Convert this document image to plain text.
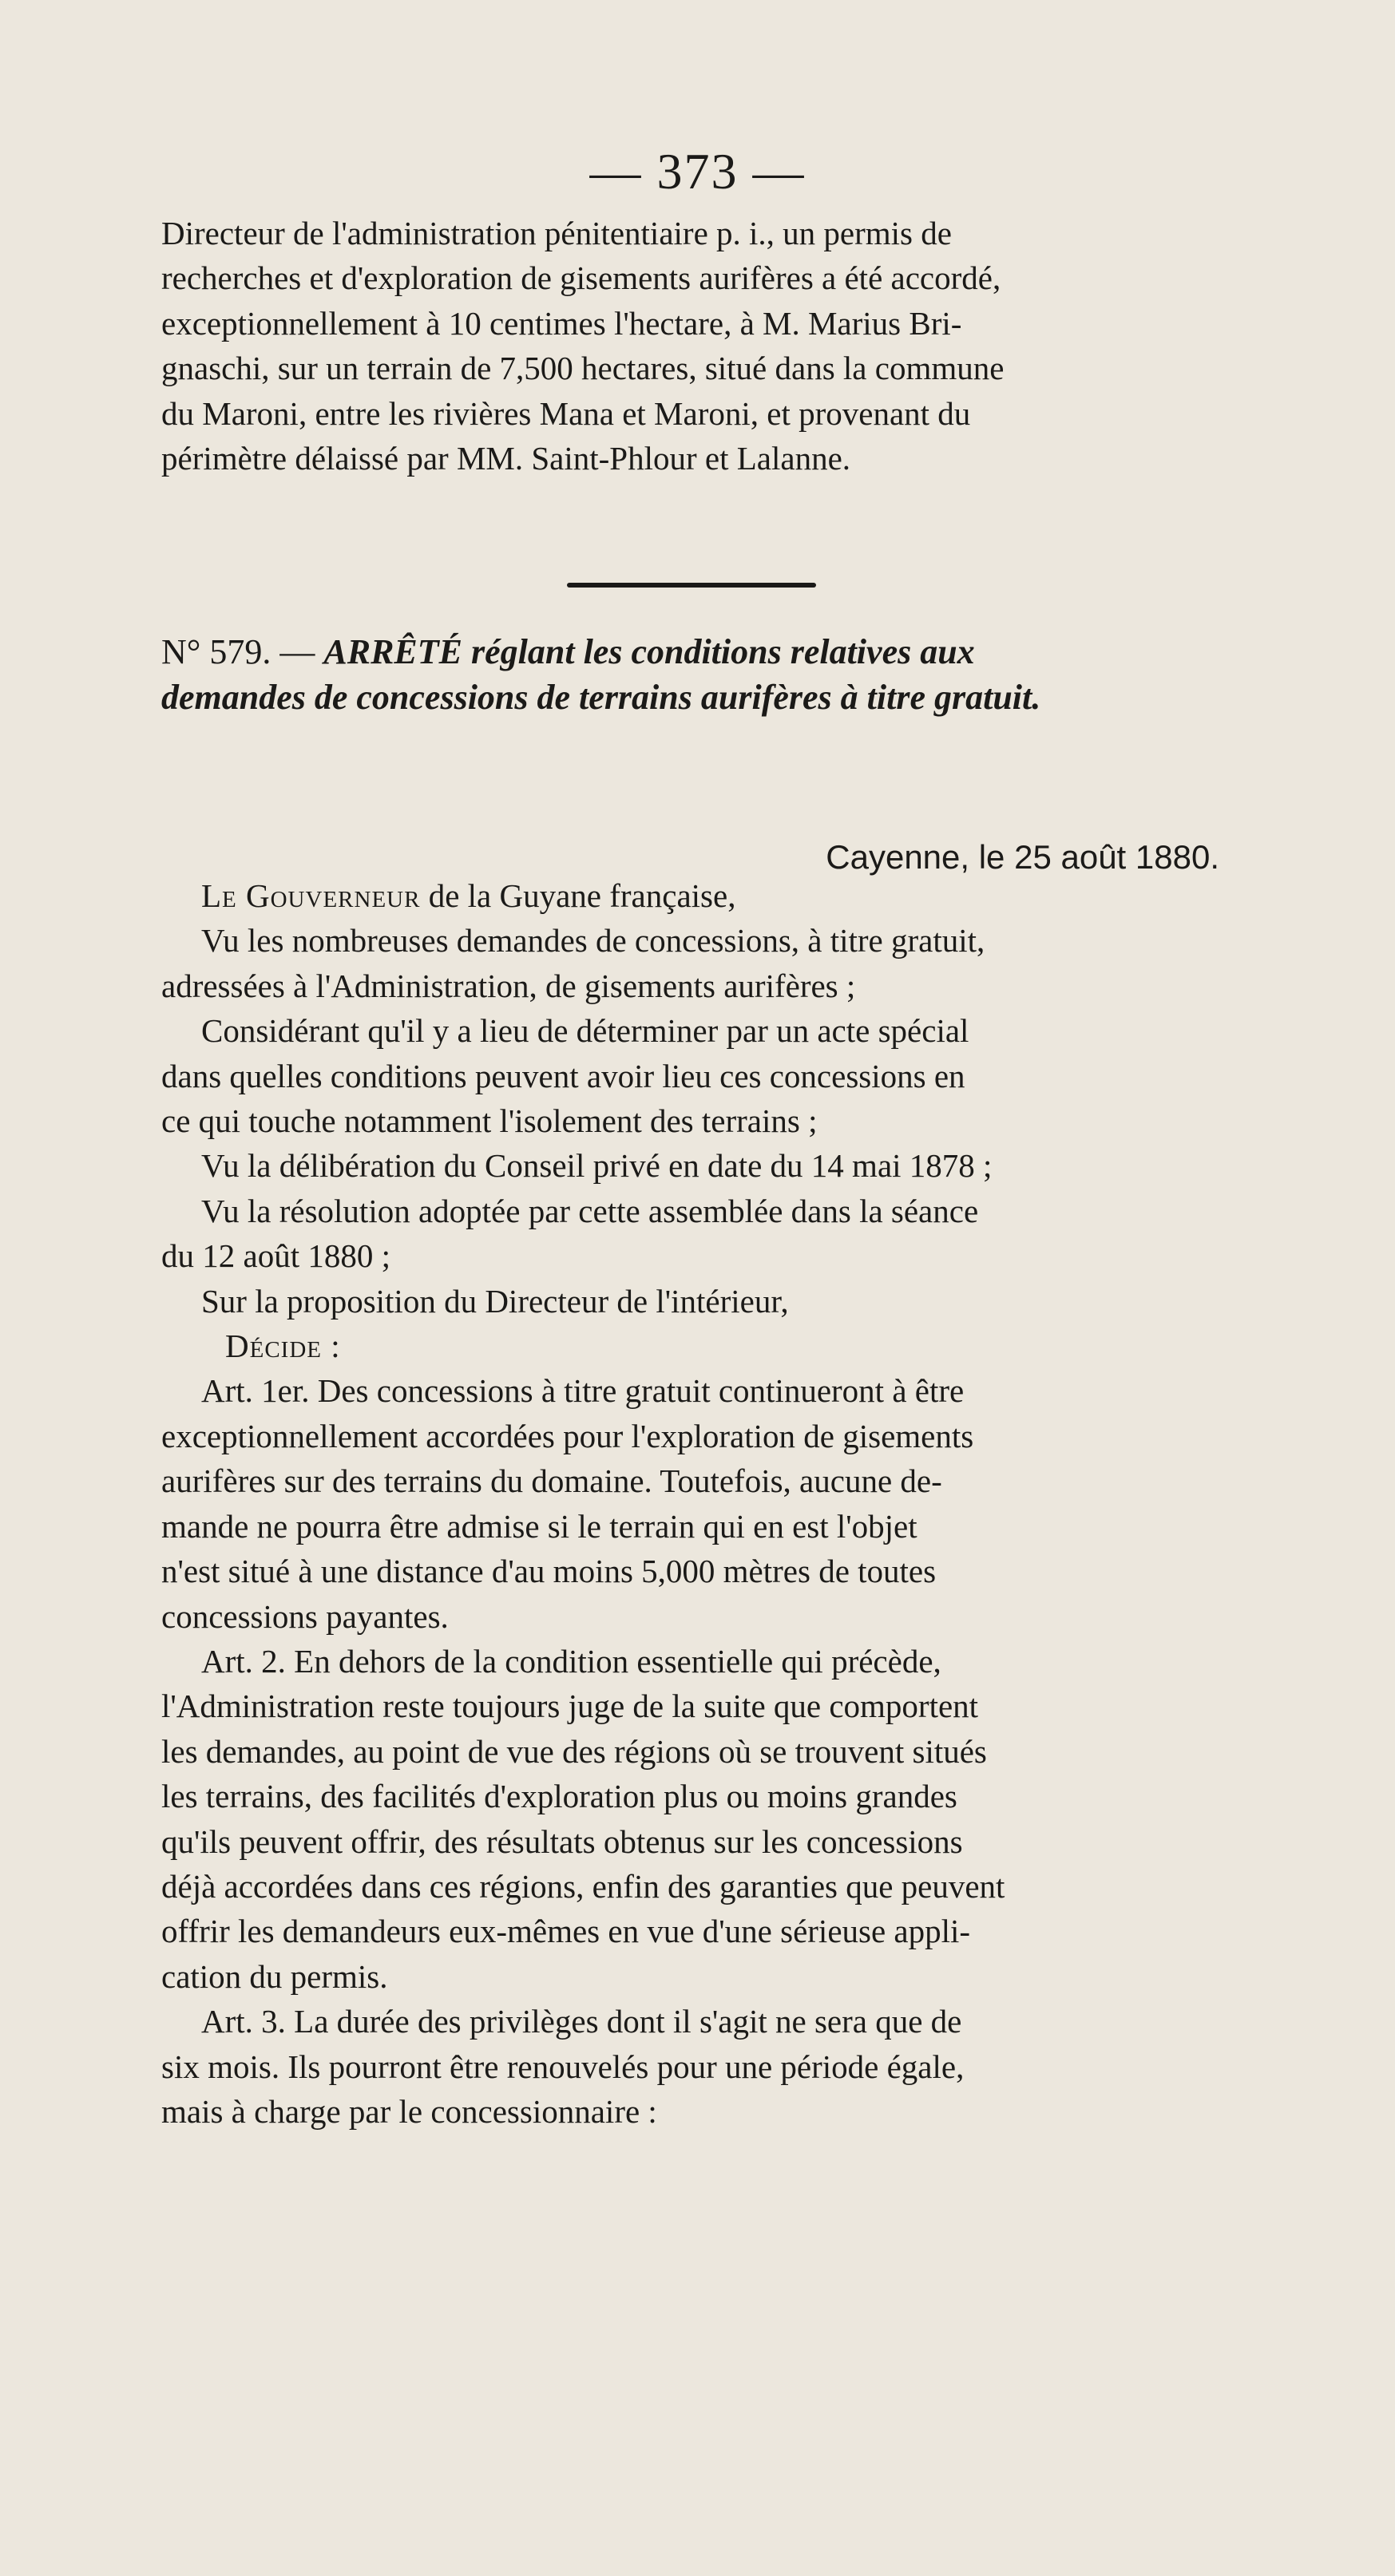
— 373 —
Directeur de l'administration pénitentiaire p. i., un permis de
recherches et d'exploration de gisements aurifères a été accordé,
exceptionnellement à 10 centimes l'hectare, à M. Marius Bri-
gnaschi, sur un terrain de 7,500 hectares, situé dans la commune
du Maroni, entre les rivières Mana et Maroni, et provenant du
périmètre délaissé par MM. Saint-Phlour et Lalanne.
N° 579. — ARRÊTÉ réglant les conditions relatives aux
demandes de concessions de terrains aurifères à titre gratuit.
Cayenne, le 25 août 1880.
Le Gouverneur de la Guyane française,
Vu les nombreuses demandes de concessions, à titre gratuit,
adressées à l'Administration, de gisements aurifères ;
Considérant qu'il y a lieu de déterminer par un acte spécial
dans quelles conditions peuvent avoir lieu ces concessions en
ce qui touche notamment l'isolement des terrains ;
Vu la délibération du Conseil privé en date du 14 mai 1878 ;
Vu la résolution adoptée par cette assemblée dans la séance
du 12 août 1880 ;
Sur la proposition du Directeur de l'intérieur,
Décide :
Art. 1er. Des concessions à titre gratuit continueront à être
exceptionnellement accordées pour l'exploration de gisements
aurifères sur des terrains du domaine. Toutefois, aucune de-
mande ne pourra être admise si le terrain qui en est l'objet
n'est situé à une distance d'au moins 5,000 mètres de toutes
concessions payantes.
Art. 2. En dehors de la condition essentielle qui précède,
l'Administration reste toujours juge de la suite que comportent
les demandes, au point de vue des régions où se trouvent situés
les terrains, des facilités d'exploration plus ou moins grandes
qu'ils peuvent offrir, des résultats obtenus sur les concessions
déjà accordées dans ces régions, enfin des garanties que peuvent
offrir les demandeurs eux-mêmes en vue d'une sérieuse appli-
cation du permis.
Art. 3. La durée des privilèges dont il s'agit ne sera que de
six mois. Ils pourront être renouvelés pour une période égale,
mais à charge par le concessionnaire :
